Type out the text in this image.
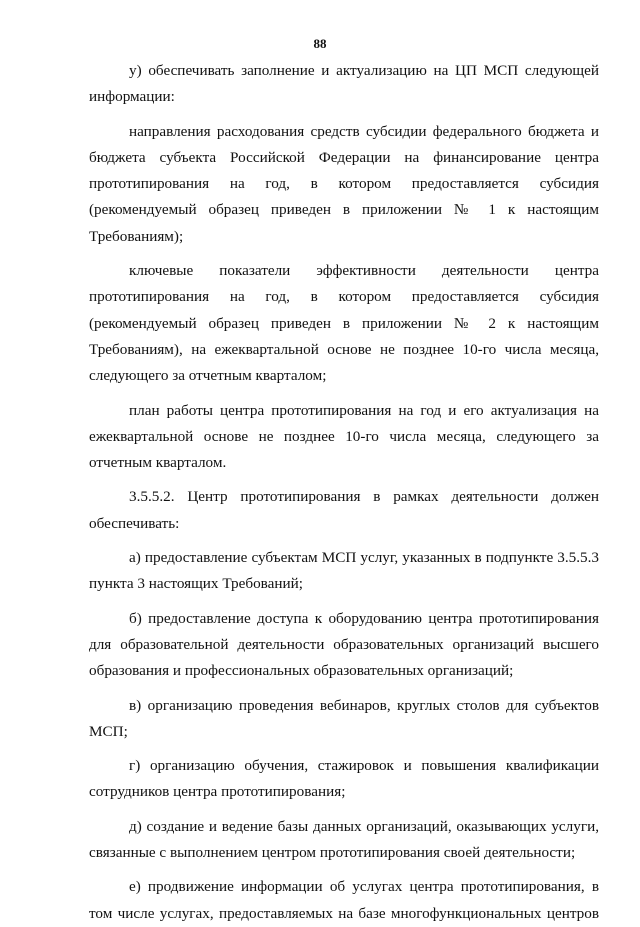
88

у) обеспечивать заполнение и актуализацию на ЦП МСП следующей информации:

направления расходования средств субсидии федерального бюджета и бюджета субъекта Российской Федерации на финансирование центра прототипирования на год, в котором предоставляется субсидия (рекомендуемый образец приведен в приложении № 1 к настоящим Требованиям);

ключевые показатели эффективности деятельности центра прототипирования на год, в котором предоставляется субсидия (рекомендуемый образец приведен в приложении № 2 к настоящим Требованиям), на ежеквартальной основе не позднее 10-го числа месяца, следующего за отчетным кварталом;

план работы центра прототипирования на год и его актуализация на ежеквартальной основе не позднее 10-го числа месяца, следующего за отчетным кварталом.

3.5.5.2. Центр прототипирования в рамках деятельности должен обеспечивать:

а) предоставление субъектам МСП услуг, указанных в подпункте 3.5.5.3 пункта 3 настоящих Требований;

б) предоставление доступа к оборудованию центра прототипирования для образовательной деятельности образовательных организаций высшего образования и профессиональных образовательных организаций;

в) организацию проведения вебинаров, круглых столов для субъектов МСП;

г) организацию обучения, стажировок и повышения квалификации сотрудников центра прототипирования;

д) создание и ведение базы данных организаций, оказывающих услуги, связанные с выполнением центром прототипирования своей деятельности;

е) продвижение информации об услугах центра прототипирования, в том числе услугах, предоставляемых на базе многофункциональных центров
